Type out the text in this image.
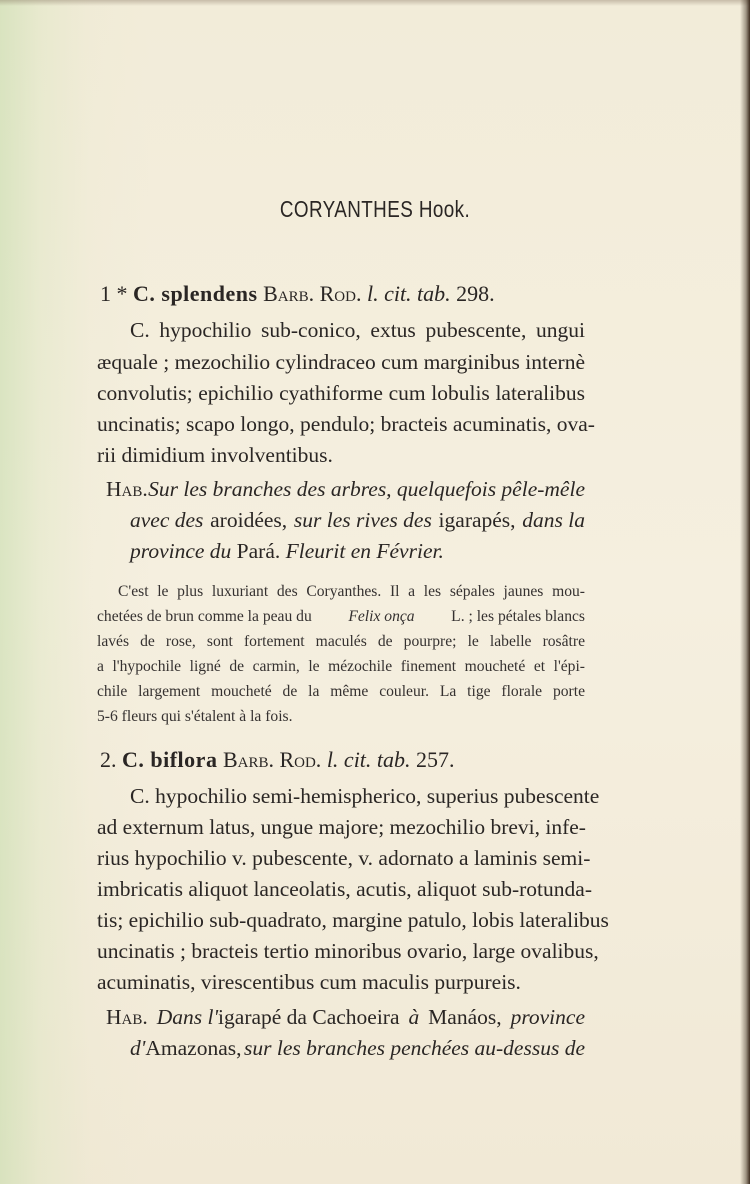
CORYANTHES Hook.
1 * C. splendens Barb. Rod. l. cit. tab. 298.
C. hypochilio sub-conico, extus pubescente, ungui
æquale ; mezochilio cylindraceo cum marginibus internè
convolutis; epichilio cyathiforme cum lobulis lateralibus
uncinatis; scapo longo, pendulo; bracteis acuminatis, ova-
rii dimidium involventibus.
Hab. Sur les branches des arbres, quelquefois pêle-mêle
avec des aroidées, sur les rives des igarapés, dans la
province du Pará. Fleurit en Février.
C'est le plus luxuriant des Coryanthes. Il a les sépales jaunes mou-
chetées de brun comme la peau du Felix onça L. ; les pétales blancs
lavés de rose, sont fortement maculés de pourpre; le labelle rosâtre
a l'hypochile ligné de carmin, le mézochile finement moucheté et l'épi-
chile largement moucheté de la même couleur. La tige florale porte
5-6 fleurs qui s'étalent à la fois.
2. C. biflora Barb. Rod. l. cit. tab. 257.
C. hypochilio semi-hemispherico, superius pubescente
ad externum latus, ungue majore; mezochilio brevi, infe-
rius hypochilio v. pubescente, v. adornato a laminis semi-
imbricatis aliquot lanceolatis, acutis, aliquot sub-rotunda-
tis; epichilio sub-quadrato, margine patulo, lobis lateralibus
uncinatis ; bracteis tertio minoribus ovario, large ovalibus,
acuminatis, virescentibus cum maculis purpureis.
Hab. Dans l'igarapé da Cachoeira à Manáos, province
d'Amazonas, sur les branches penchées au-dessus de
